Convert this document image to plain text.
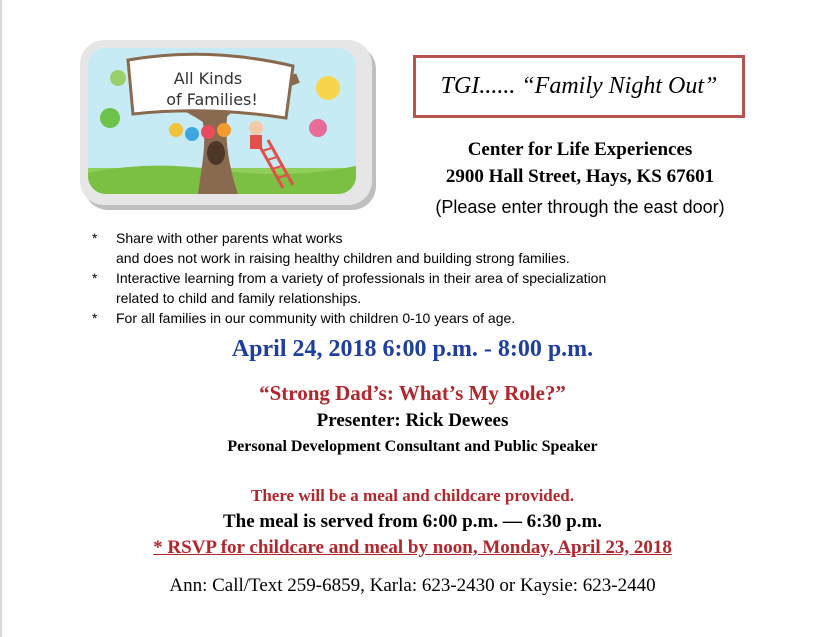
All Kinds
of Families!
TGI...... “Family Night Out”
Center for Life Experiences
2900 Hall Street, Hays, KS 67601
(Please enter through the east door)
* Share with other parents what works
and does not work in raising healthy children and building strong families.
* Interactive learning from a variety of professionals in their area of specialization
related to child and family relationships.
* For all families in our community with children 0-10 years of age.
April 24, 2018 6:00 p.m. - 8:00 p.m.
“Strong Dad’s: What’s My Role?”
Presenter: Rick Dewees
Personal Development Consultant and Public Speaker
There will be a meal and childcare provided.
The meal is served from 6:00 p.m. — 6:30 p.m.
* RSVP for childcare and meal by noon, Monday, April 23, 2018
Ann: Call/Text 259-6859, Karla: 623-2430 or Kaysie: 623-2440
